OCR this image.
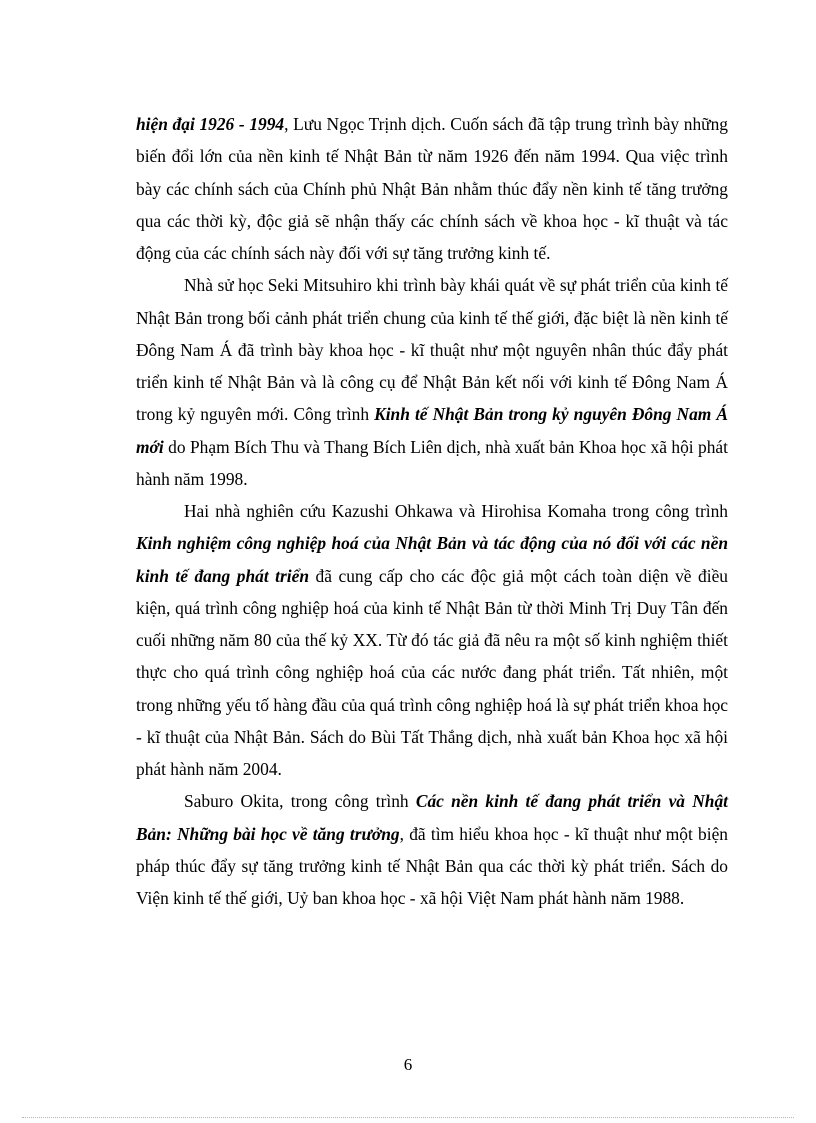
hiện đại 1926 - 1994, Lưu Ngọc Trịnh dịch. Cuốn sách đã tập trung trình bày những biến đổi lớn của nền kinh tế Nhật Bản từ năm 1926 đến năm 1994. Qua việc trình bày các chính sách của Chính phủ Nhật Bản nhằm thúc đẩy nền kinh tế tăng trưởng qua các thời kỳ, độc giả sẽ nhận thấy các chính sách về khoa học - kĩ thuật và tác động của các chính sách này đối với sự tăng trưởng kinh tế.

Nhà sử học Seki Mitsuhiro khi trình bày khái quát về sự phát triển của kinh tế Nhật Bản trong bối cảnh phát triển chung của kinh tế thế giới, đặc biệt là nền kinh tế Đông Nam Á đã trình bày khoa học - kĩ thuật như một nguyên nhân thúc đẩy phát triển kinh tế Nhật Bản và là công cụ để Nhật Bản kết nối với kinh tế Đông Nam Á trong kỷ nguyên mới. Công trình Kinh tế Nhật Bản trong kỷ nguyên Đông Nam Á mới do Phạm Bích Thu và Thang Bích Liên dịch, nhà xuất bản Khoa học xã hội phát hành năm 1998.

Hai nhà nghiên cứu Kazushi Ohkawa và Hirohisa Komaha trong công trình Kinh nghiệm công nghiệp hoá của Nhật Bản và tác động của nó đối với các nền kinh tế đang phát triển đã cung cấp cho các độc giả một cách toàn diện về điều kiện, quá trình công nghiệp hoá của kinh tế Nhật Bản từ thời Minh Trị Duy Tân đến cuối những năm 80 của thế kỷ XX. Từ đó tác giả đã nêu ra một số kinh nghiệm thiết thực cho quá trình công nghiệp hoá của các nước đang phát triển. Tất nhiên, một trong những yếu tố hàng đầu của quá trình công nghiệp hoá là sự phát triển khoa học - kĩ thuật của Nhật Bản. Sách do Bùi Tất Thắng dịch, nhà xuất bản Khoa học xã hội phát hành năm 2004.

Saburo Okita, trong công trình Các nền kinh tế đang phát triển và Nhật Bản: Những bài học về tăng trưởng, đã tìm hiểu khoa học - kĩ thuật như một biện pháp thúc đẩy sự tăng trưởng kinh tế Nhật Bản qua các thời kỳ phát triển. Sách do Viện kinh tế thế giới, Uỷ ban khoa học - xã hội Việt Nam phát hành năm 1988.

6
